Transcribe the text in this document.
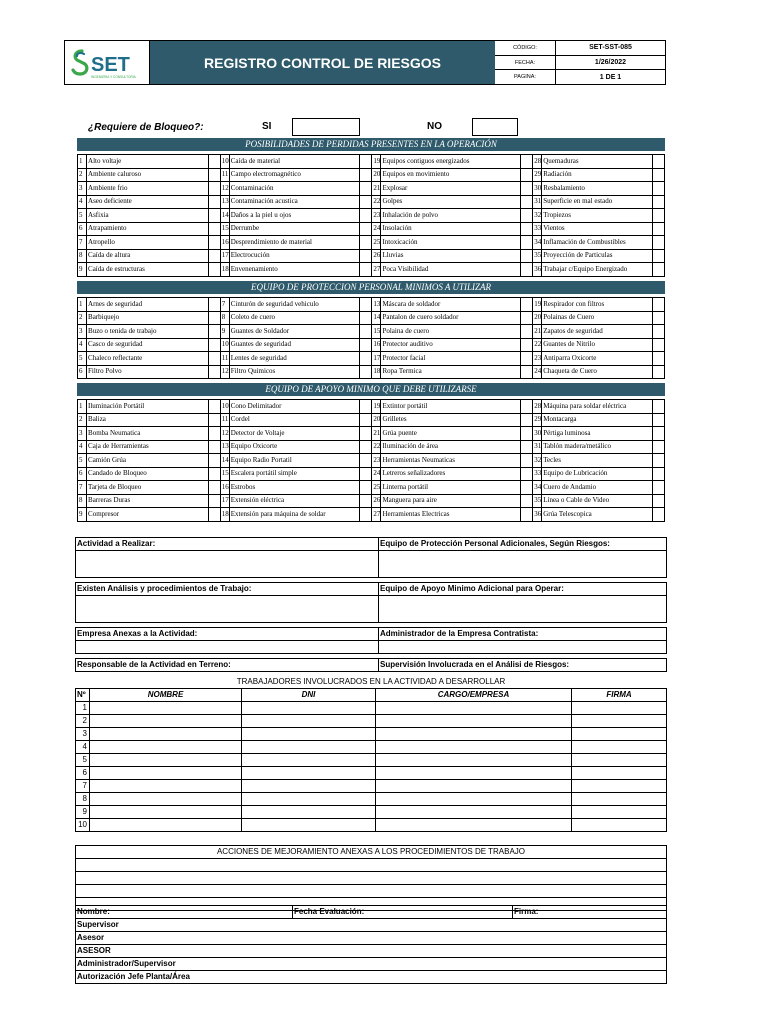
SET
INGENIERIA Y CONSULTORIA
REGISTRO CONTROL DE RIESGOS
CÓDIGO:	SET-SST-085
FECHA:	1/26/2022
PAGINA:	1 DE 1
¿Requiere de Bloqueo?:	SI	NO
POSIBILIDADES DE PERDIDAS PRESENTES EN LA OPERACIÓN
1	Alto voltaje		10	Caída de material		19	Equipos contiguos energizados		28	Quemaduras	
2	Ambiente caluroso		11	Campo electromagnético		20	Equipos en movimiento		29	Radiación	
3	Ambiente frio		12	Contaminación		21	Explosar		30	Resbalamiento	
4	Aseo deficiente		13	Contaminación acustica		22	Golpes		31	Superficie en mal estado	
5	Asfixia		14	Daños a la piel u ojos		23	Inhalación de polvo		32	Tropiezos	
6	Atrapamiento		15	Derrumbe		24	Insolación		33	Vientos	
7	Atropello		16	Desprendimiento de material		25	Intoxicación		34	Inflamación de Combustibles	
8	Caída de altura		17	Electrocución		26	Lluvias		35	Proyección de Particulas	
9	Caída de estructuras		18	Envenenamiento		27	Poca Visibilidad		36	Trabajar c/Equipo Energizado	
EQUIPO DE PROTECCION PERSONAL MINIMOS A UTILIZAR
1	Arnes de seguridad		7	Cinturón de seguridad vehiculo		13	Máscara de soldador		19	Respirador con filtros	
2	Barbiquejo		8	Coleto de cuero		14	Pantalon de cuero soldador		20	Polainas de Cuero	
3	Buzo o tenida de trabajo		9	Guantes de Soldador		15	Polaina de cuero		21	Zapatos de seguridad	
4	Casco de seguridad		10	Guantes de seguridad		16	Protector auditivo		22	Guantes de Nitrilo	
5	Chaleco reflectante		11	Lentes de seguridad		17	Protector facial		23	Antiparra Oxicorte	
6	Filtro Polvo		12	Filtro Quimicos		18	Ropa Termica		24	Chaqueta de Cuero	
EQUIPO DE APOYO MINIMO QUE DEBE UTILIZARSE
1	Iluminación Portátil		10	Cono Delimitador		19	Extintor portátil		28	Máquina para soldar eléctrica	
2	Baliza		11	Cordel		20	Grilletes		29	Montacarga	
3	Bomba Neumatica		12	Detector de Voltaje		21	Grúa puente		30	Pértiga luminosa	
4	Caja de Herramientas		13	Equipo Oxicorte		22	Iluminación de área		31	Tablón madera/metálico	
5	Camión Grúa		14	Equipo Radio Portatil		23	Herramientas Neumaticas		32	Tecles	
6	Candado de Bloqueo		15	Escalera portátil simple		24	Letreros señalizadores		33	Equipo de Lubricación	
7	Tarjeta de Bloqueo		16	Estrobos		25	Linterna portátil		34	Cuero de Andamio	
8	Barreras Duras		17	Extensión eléctrica		26	Manguera para aire		35	Línea o Cable de Video	
9	Compresor		18	Extensión para máquina de soldar		27	Herramientas Electricas		36	Grúa Telescopica	
Actividad a Realizar:	Equipo de Protección Personal Adicionales, Según Riesgos:

Existen Análisis y procedimientos de Trabajo:	Equipo de Apoyo Minimo Adicional para Operar:

Empresa Anexas a la Actividad:	Administrador de la Empresa Contratista:

Responsable de la Actividad en Terreno:	Supervisión Involucrada en el Análisi de Riesgos:
TRABAJADORES INVOLUCRADOS EN LA ACTIVIDAD A DESARROLLAR				
Nº	NOMBRE	DNI	CARGO/EMPRESA	FIRMA
1				
2				
3				
4				
5				
6				
7				
8				
9				
10				
ACCIONES DE MEJORAMIENTO ANEXAS A LOS PROCEDIMIENTOS DE TRABAJO

Nombre:	Fecha Evaluación:	Firma:
Supervisor
Asesor
ASESOR
Administrador/Supervisor
Autorización Jefe Planta/Área
